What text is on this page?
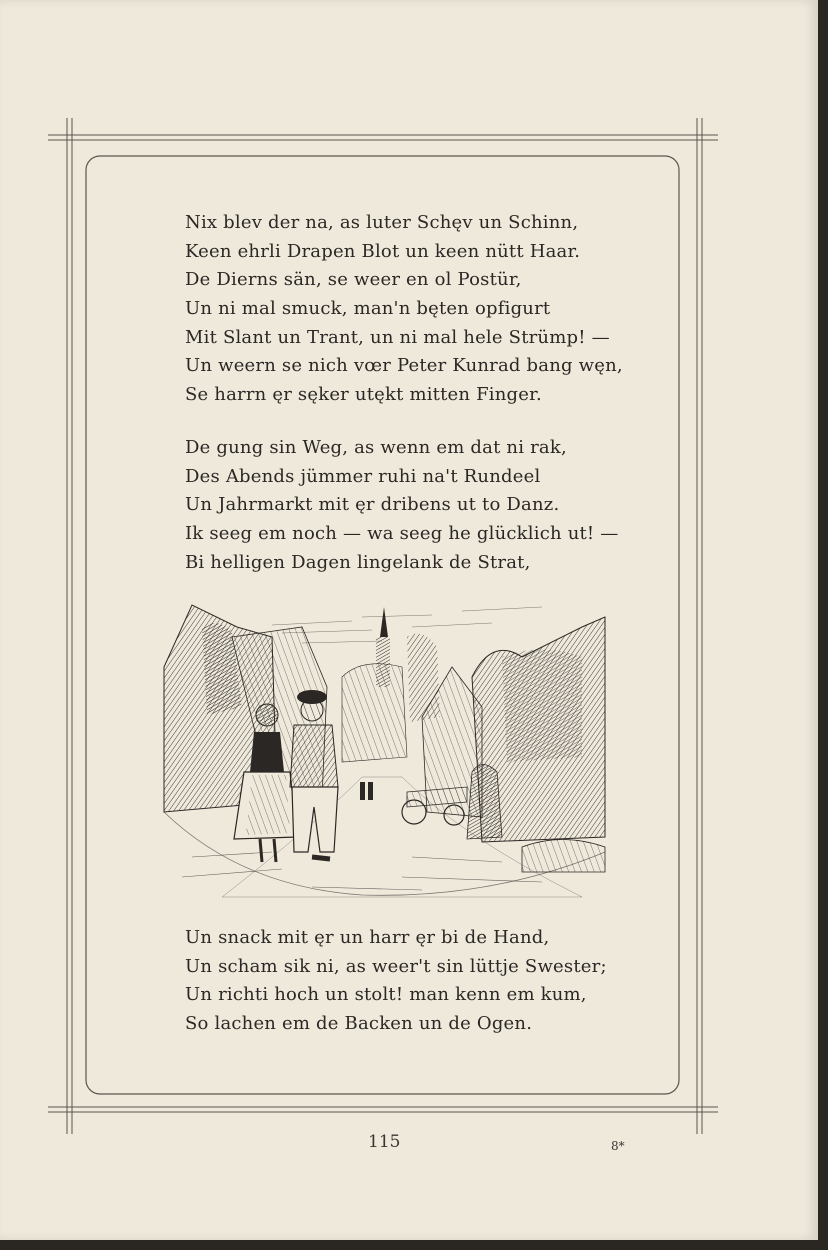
Nix blev der na, as luter Schęv un Schinn,
Keen ehrli Drapen Blot un keen nütt Haar.
De Dierns sän, se weer en ol Postür,
Un ni mal smuck, man'n bęten opfigurt
Mit Slant un Trant, un ni mal hele Strümp! —
Un weern se nich vœr Peter Kunrad bang węn,
Se harrn ęr sęker utękt mitten Finger.
De gung sin Weg, as wenn em dat ni rak,
Des Abends jümmer ruhi na't Rundeel
Un Jahrmarkt mit ęr dribens ut to Danz.
Ik seeg em noch — wa seeg he glücklich ut! —
Bi helligen Dagen lingelank de Strat,
Un snack mit ęr un harr ęr bi de Hand,
Un scham sik ni, as weer't sin lüttje Swester;
Un richti hoch un stolt! man kenn em kum,
So lachen em de Backen un de Ogen.
115	8*
